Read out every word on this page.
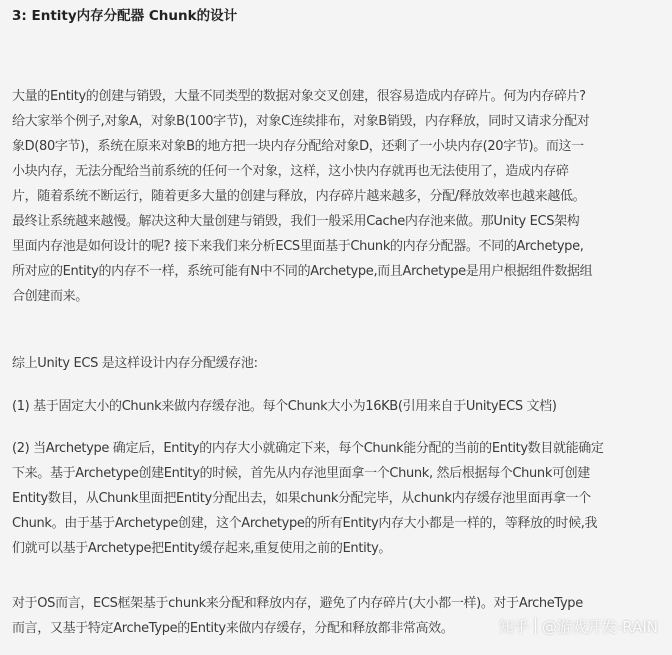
3: Entity内存分配器 Chunk的设计
大量的Entity的创建与销毁，大量不同类型的数据对象交叉创建，很容易造成内存碎片。何为内存碎片?
给大家举个例子,对象A，对象B(100字节)，对象C连续排布，对象B销毁，内存释放，同时又请求分配对
象D(80字节)，系统在原来对象B的地方把一块内存分配给对象D，还剩了一小块内存(20字节)。而这一
小块内存，无法分配给当前系统的任何一个对象，这样，这小快内存就再也无法使用了，造成内存碎
片，随着系统不断运行，随着更多大量的创建与释放，内存碎片越来越多，分配/释放效率也越来越低。
最终让系统越来越慢。解决这种大量创建与销毁，我们一般采用Cache内存池来做。那Unity ECS架构
里面内存池是如何设计的呢? 接下来我们来分析ECS里面基于Chunk的内存分配器。不同的Archetype,
所对应的Entity的内存不一样，系统可能有N中不同的Archetype,而且Archetype是用户根据组件数据组
合创建而来。
综上Unity ECS 是这样设计内存分配缓存池:
(1) 基于固定大小的Chunk来做内存缓存池。每个Chunk大小为16KB(引用来自于UnityECS 文档)
(2) 当Archetype 确定后，Entity的内存大小就确定下来，每个Chunk能分配的当前的Entity数目就能确定
下来。基于Archetype创建Entity的时候，首先从内存池里面拿一个Chunk, 然后根据每个Chunk可创建
Entity数目，从Chunk里面把Entity分配出去，如果chunk分配完毕，从chunk内存缓存池里面再拿一个
Chunk。由于基于Archetype创建，这个Archetype的所有Entity内存大小都是一样的，等释放的时候,我
们就可以基于Archetype把Entity缓存起来,重复使用之前的Entity。
对于OS而言，ECS框架基于chunk来分配和释放内存，避免了内存碎片(大小都一样)。对于ArcheType
而言，又基于特定ArcheType的Entity来做内存缓存，分配和释放都非常高效。	知乎 @游戏开发-RAIN
